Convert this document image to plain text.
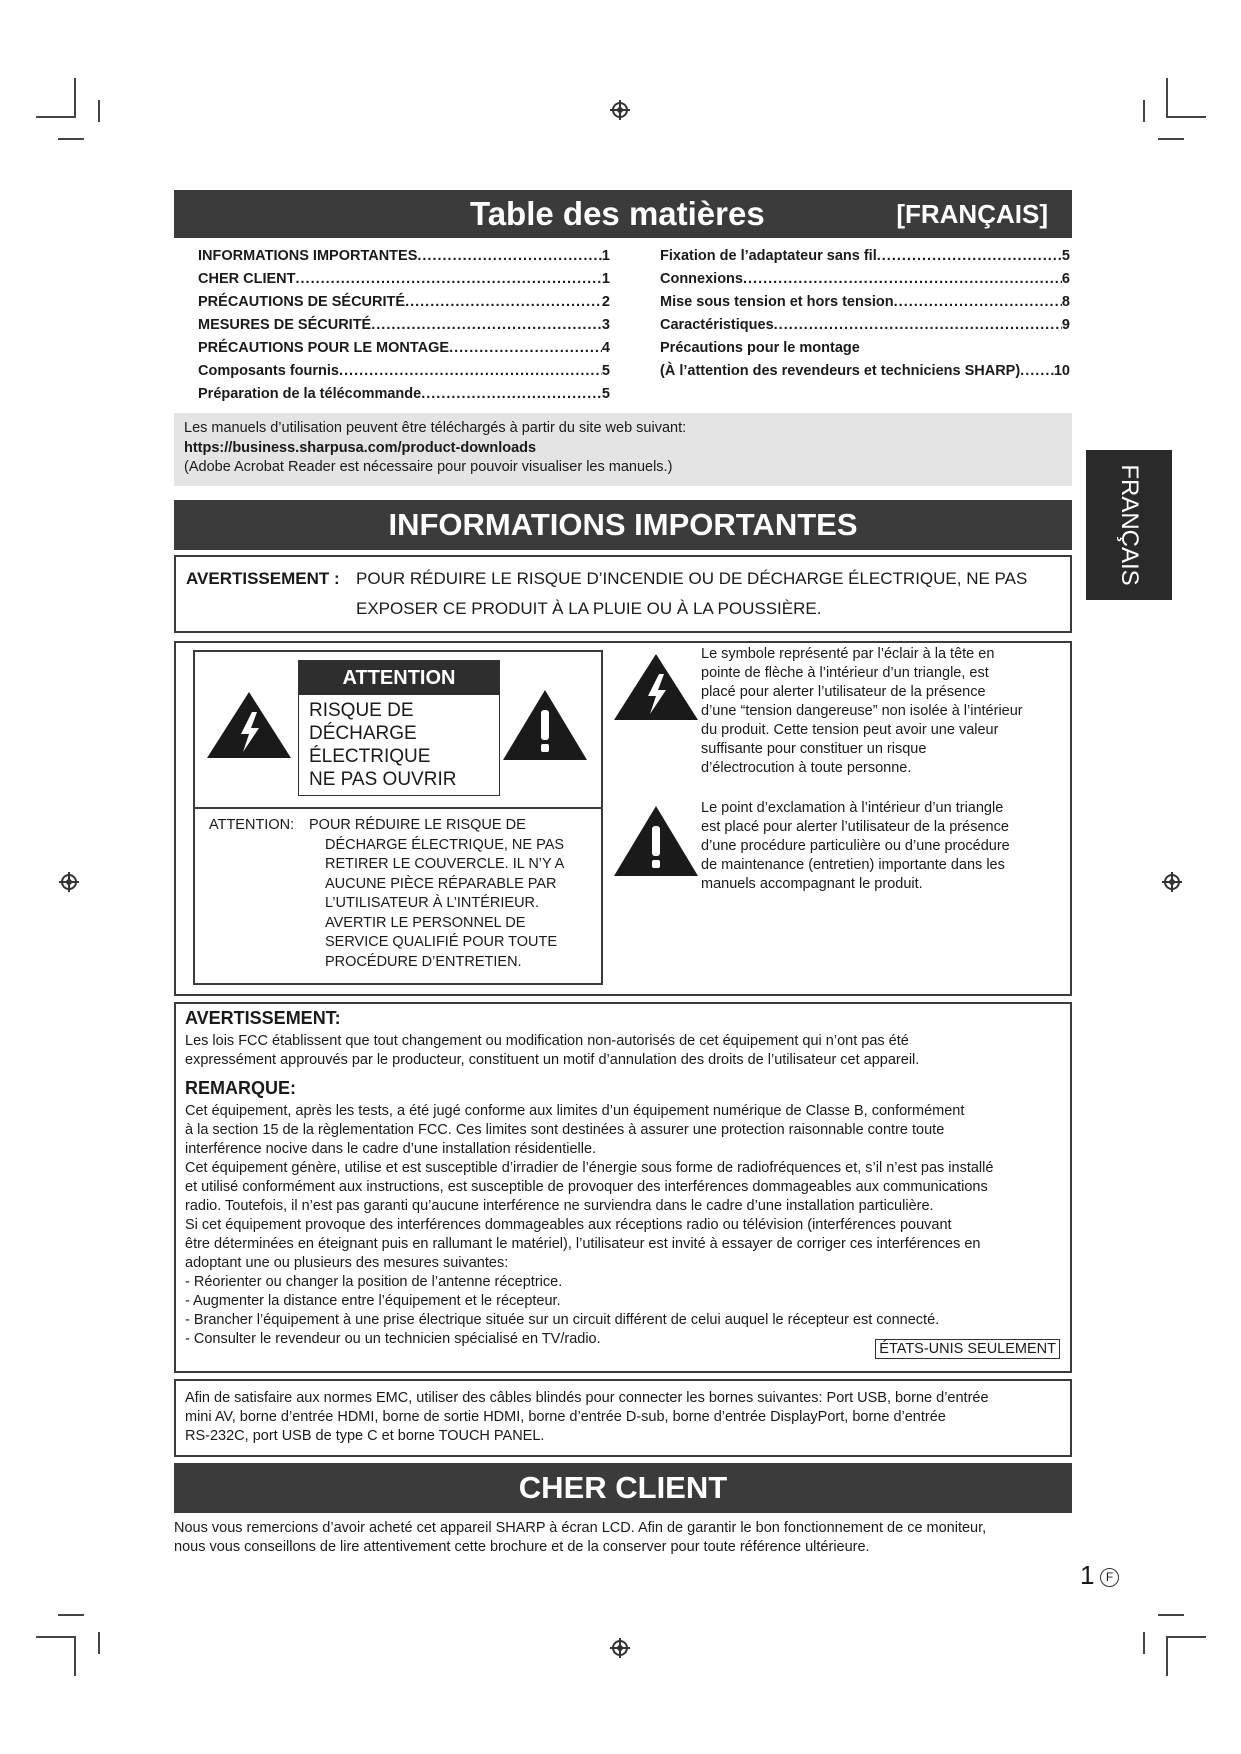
Table des matières	[FRANÇAIS]
INFORMATIONS IMPORTANTES .....	1
CHER CLIENT .....	1
PRÉCAUTIONS DE SÉCURITÉ .....	2
MESURES DE SÉCURITÉ .....	3
PRÉCAUTIONS POUR LE MONTAGE .....	4
Composants fournis .....	5
Préparation de la télécommande .....	5
Fixation de l’adaptateur sans fil .....	5
Connexions .....	6
Mise sous tension et hors tension .....	8
Caractéristiques .....	9
Précautions pour le montage
(À l’attention des revendeurs et techniciens SHARP) ..... 10
Les manuels d’utilisation peuvent être téléchargés à partir du site web suivant:
https://business.sharpusa.com/product-downloads
(Adobe Acrobat Reader est nécessaire pour pouvoir visualiser les manuels.)	FRANÇAIS
INFORMATIONS IMPORTANTES
AVERTISSEMENT : POUR RÉDUIRE LE RISQUE D’INCENDIE OU DE DÉCHARGE ÉLECTRIQUE, NE PAS
EXPOSER CE PRODUIT À LA PLUIE OU À LA POUSSIÈRE.
ATTENTION
RISQUE DE
DÉCHARGE
ÉLECTRIQUE
NE PAS OUVRIR
ATTENTION: POUR RÉDUIRE LE RISQUE DE
DÉCHARGE ÉLECTRIQUE, NE PAS
RETIRER LE COUVERCLE. IL N’Y A
AUCUNE PIÈCE RÉPARABLE PAR
L’UTILISATEUR À L’INTÉRIEUR.
AVERTIR LE PERSONNEL DE
SERVICE QUALIFIÉ POUR TOUTE
PROCÉDURE D’ENTRETIEN.
Le symbole représenté par l’éclair à la tête en
pointe de flèche à l’intérieur d’un triangle, est
placé pour alerter l’utilisateur de la présence
d’une “tension dangereuse” non isolée à l’intérieur
du produit. Cette tension peut avoir une valeur
suffisante pour constituer un risque
d’électrocution à toute personne.
Le point d’exclamation à l’intérieur d’un triangle
est placé pour alerter l’utilisateur de la présence
d’une procédure particulière ou d’une procédure
de maintenance (entretien) importante dans les
manuels accompagnant le produit.
AVERTISSEMENT:
Les lois FCC établissent que tout changement ou modification non-autorisés de cet équipement qui n’ont pas été
expressément approuvés par le producteur, constituent un motif d’annulation des droits de l’utilisateur cet appareil.
REMARQUE:
Cet équipement, après les tests, a été jugé conforme aux limites d’un équipement numérique de Classe B, conformément
à la section 15 de la règlementation FCC. Ces limites sont destinées à assurer une protection raisonnable contre toute
interférence nocive dans le cadre d’une installation résidentielle.
Cet équipement génère, utilise et est susceptible d’irradier de l’énergie sous forme de radiofréquences et, s’il n’est pas installé
et utilisé conformément aux instructions, est susceptible de provoquer des interférences dommageables aux communications
radio. Toutefois, il n’est pas garanti qu’aucune interférence ne surviendra dans le cadre d’une installation particulière.
Si cet équipement provoque des interférences dommageables aux réceptions radio ou télévision (interférences pouvant
être déterminées en éteignant puis en rallumant le matériel), l’utilisateur est invité à essayer de corriger ces interférences en
adoptant une ou plusieurs des mesures suivantes:
- Réorienter ou changer la position de l’antenne réceptrice.
- Augmenter la distance entre l’équipement et le récepteur.
- Brancher l’équipement à une prise électrique située sur un circuit différent de celui auquel le récepteur est connecté.
- Consulter le revendeur ou un technicien spécialisé en TV/radio.
ÉTATS-UNIS SEULEMENT
Afin de satisfaire aux normes EMC, utiliser des câbles blindés pour connecter les bornes suivantes: Port USB, borne d’entrée
mini AV, borne d’entrée HDMI, borne de sortie HDMI, borne d’entrée D-sub, borne d’entrée DisplayPort, borne d’entrée
RS-232C, port USB de type C et borne TOUCH PANEL.
CHER CLIENT
Nous vous remercions d’avoir acheté cet appareil SHARP à écran LCD. Afin de garantir le bon fonctionnement de ce moniteur,
nous vous conseillons de lire attentivement cette brochure et de la conserver pour toute référence ultérieure.
1 F
